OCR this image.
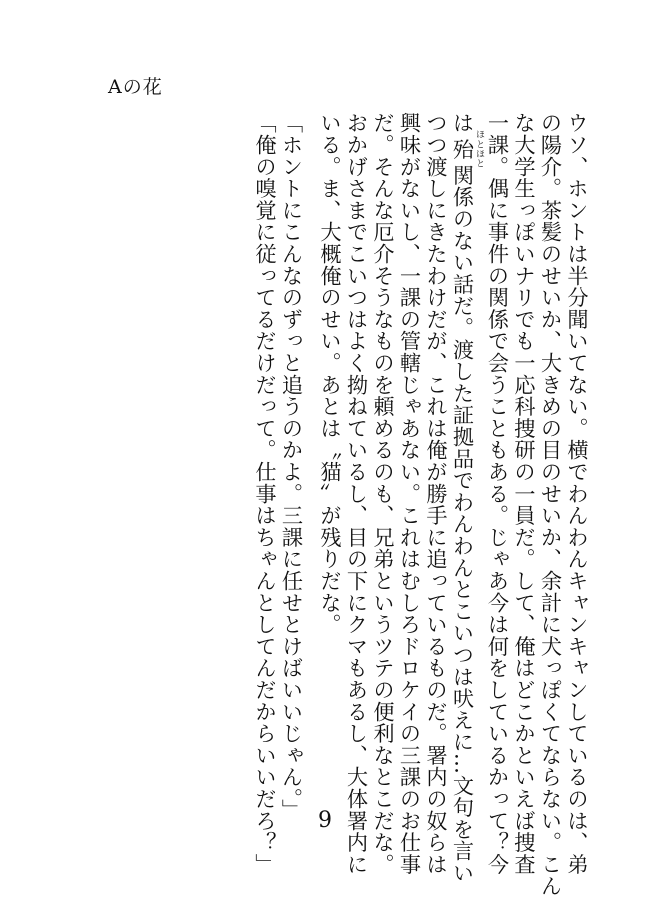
Aの花
ウソ、ホントは半分聞いてない。横でわんわんキャンキャンしているのは、弟
の陽介。茶髪のせいか、大きめの目のせいか、余計に犬っぽくてならない。こん
な大学生っぽいナリでも一応科捜研の一員だ。して、俺はどこかといえば捜査
一課。偶に事件の関係で会うこともある。じゃあ今は何をしているかって？今
は殆ほとほと関係のない話だ。渡した証拠品でわんわんとこいつは吠えに…文句を言い
つつ渡しにきたわけだが、これは俺が勝手に追っているものだ。署内の奴らは
興味がないし、一課の管轄じゃあない。これはむしろドロケイの三課のお仕事
だ。そんな厄介そうなものを頼めるのも、兄弟というツテの便利なとこだな。
おかげさまでこいつはよく拗ねているし、目の下にクマもあるし、大体署内に
いる。ま、大概俺のせい。あとは〝猫〟が残りだな。
「ホントにこんなのずっと追うのかよ。三課に任せとけばいいじゃん。」
「俺の嗅覚に従ってるだけだって。仕事はちゃんとしてんだからいいだろ？」	9
